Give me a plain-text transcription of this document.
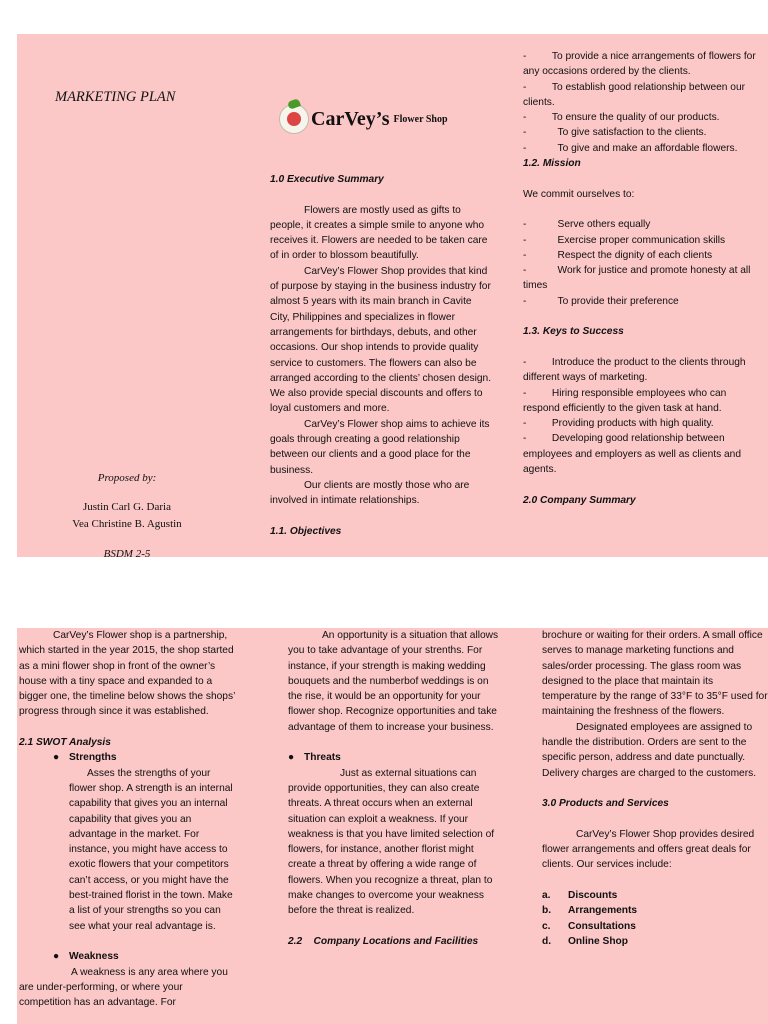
MARKETING PLAN

Proposed by:

Justin Carl G. Daria

Vea Christine B. Agustin

BSDM 2-5

CarVey’s Flower Shop

1.0 Executive Summary

Flowers are mostly used as gifts to people, it creates a simple smile to anyone who receives it. Flowers are needed to be taken care of in order to blossom beautifully.

CarVey’s Flower Shop provides that kind of purpose by staying in the business industry for almost 5 years with its main branch in Cavite City, Philippines and specializes in flower arrangements for birthdays, debuts, and other occasions. Our shop intends to provide quality service to customers. The flowers can also be arranged according to the clients’ chosen design. We also provide special discounts and offers to loyal customers and more.

CarVey’s Flower shop aims to achieve its goals through creating a good relationship between our clients and a good place for the business.

Our clients are mostly those who are involved in intimate relationships.

1.1. Objectives

-         To provide a nice arrangements of flowers for any occasions ordered by the clients.

-         To establish good relationship between our clients.

-         To ensure the quality of our products.

-           To give satisfaction to the clients.

-           To give and make an affordable flowers.

1.2. Mission

We commit ourselves to:

-           Serve others equally

-           Exercise proper communication skills

-           Respect the dignity of each clients

-           Work for justice and promote honesty at all times

-           To provide their preference

1.3. Keys to Success

-         Introduce the product to the clients through different ways of marketing.

-         Hiring responsible employees who can respond efficiently to the given task at hand.

-         Providing products with high quality.

-         Developing good relationship between employees and employers as well as clients and agents.

2.0 Company Summary

CarVey’s Flower shop is a partnership, which started in the year 2015, the shop started as a mini flower shop in front of the owner’s house with a tiny space and expanded to a bigger one, the timeline below shows the shops’ progress through since it was established.

2.1 SWOT Analysis

● Strengths

Asses the strengths of your flower shop. A strength is an internal capability that gives you an internal capability that gives you an advantage in the market. For instance, you might have access to exotic flowers that your competitors can’t access, or you might have the best-trained florist in the town. Make a list of your strengths so you can see what your real advantage is.

● Weakness

A weakness is any area where you are under-performing, or where your competition has an advantage. For

An opportunity is a situation that allows you to take advantage of your strenths. For instance, if your strength is making wedding bouquets and the numberbof weddings is on the rise, it would be an opportunity for your flower shop. Recognize opportunities and take advantage of them to increase your business.

● Threats

Just as external situations can provide opportunities, they can also create threats. A threat occurs when an external situation can exploit a weakness. If your weakness is that you have limited selection of flowers, for instance, another florist might create a threat by offering a wide range of flowers. When you recognize a threat, plan to make changes to overcome your weakness before the threat is realized.

2.2    Company Locations and Facilities

brochure or waiting for their orders. A small office serves to manage marketing functions and sales/order processing. The glass room was designed to the place that maintain its temperature by the range of 33°F to 35°F used for maintaining the freshness of the flowers.

Designated employees are assigned to handle the distribution. Orders are sent to the specific person, address and date punctually. Delivery charges are charged to the customers.

3.0 Products and Services

CarVey’s Flower Shop provides desired flower arrangements and offers great deals for clients. Our services include:

a.	Discounts

b.	Arrangements

c.	Consultations

d.	Online Shop
